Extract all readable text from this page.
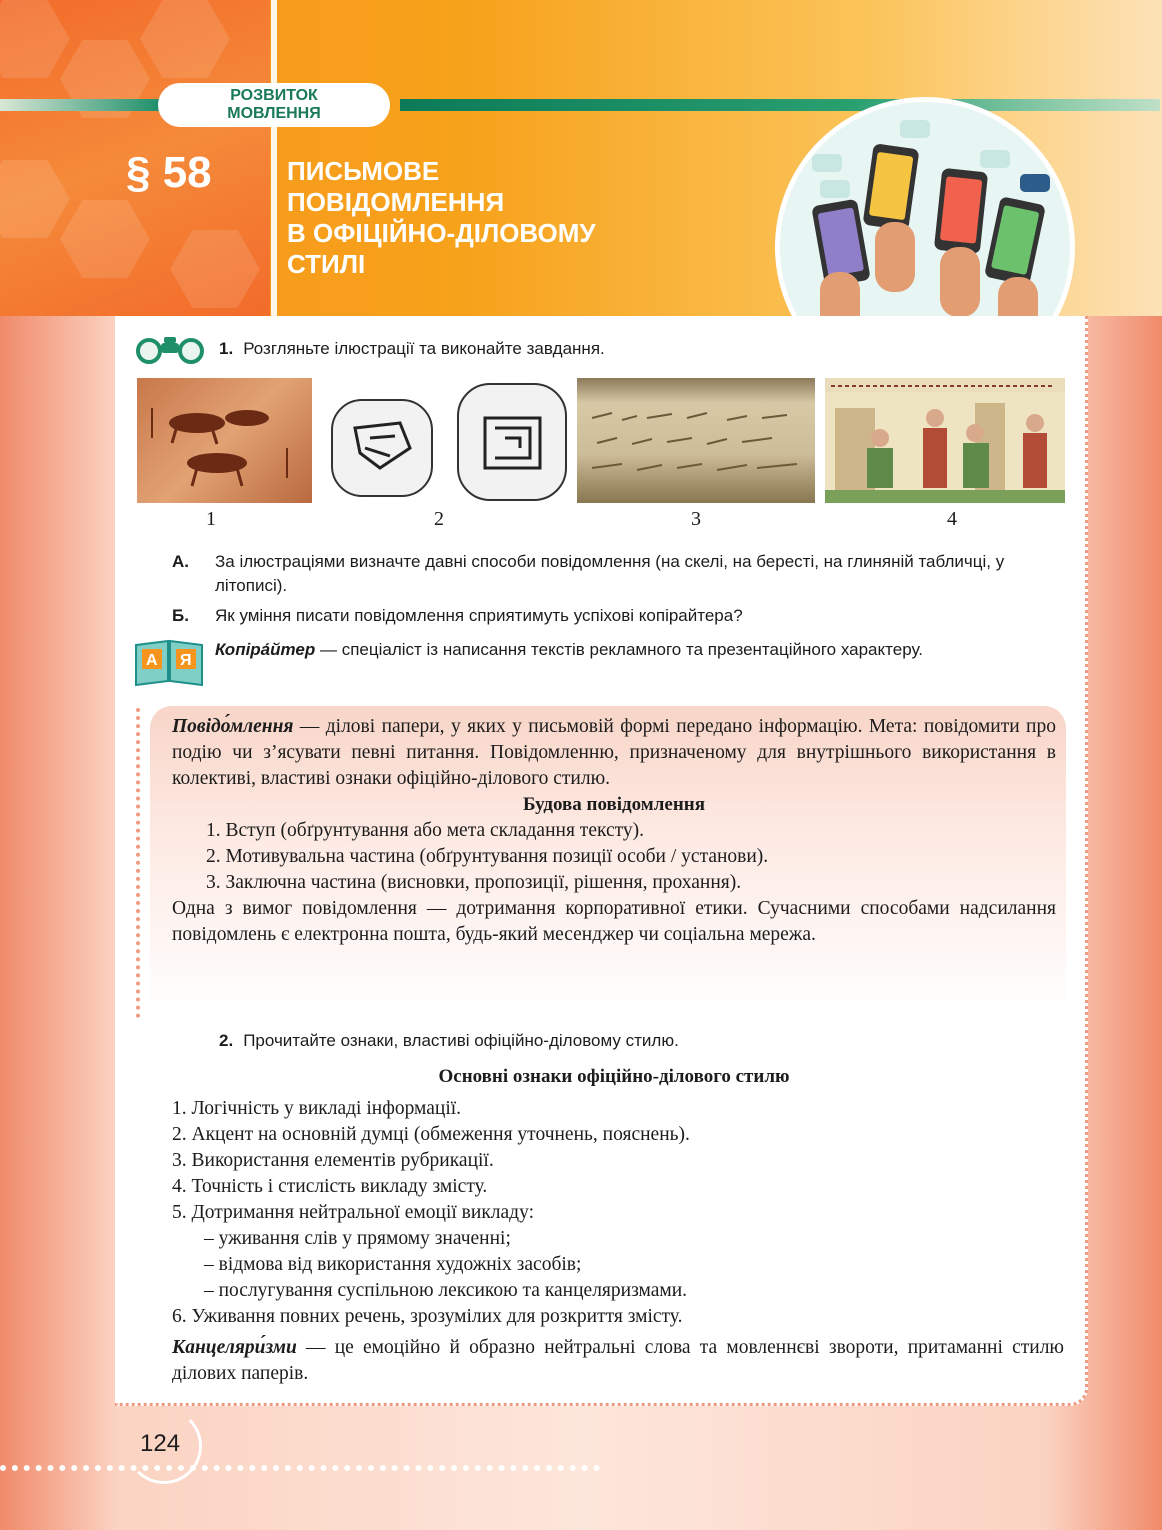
РОЗВИТОК
МОВЛЕННЯ
§ 58	ПИСЬМОВЕ
ПОВІДОМЛЕННЯ
В ОФІЦІЙНО-ДІЛОВОМУ
СТИЛІ
1. Розгляньте ілюстрації та виконайте завдання.
1	2	3	4
А. За ілюстраціями визначте давні способи повідомлення (на скелі, на бересті, на глиняній табличці, у літописі).
Б. Як уміння писати повідомлення сприятимуть успіхові копірайтера?
А Я
Копіра́йтер — спеціаліст із написання текстів рекламного та презентаційного характеру.
Повідо́млення — ділові папери, у яких у письмовій формі передано інформацію. Мета: повідомити про подію чи з’ясувати певні питання. Повідомленню, призначеному для внутрішнього використання в колективі, властиві ознаки офіційно-ділового стилю.
Будова повідомлення
1. Вступ (обґрунтування або мета складання тексту).
2. Мотивувальна частина (обґрунтування позиції особи / установи).
3. Заключна частина (висновки, пропозиції, рішення, прохання).
Одна з вимог повідомлення — дотримання корпоративної етики. Сучасними способами надсилання повідомлень є електронна пошта, будь-який месенджер чи соціальна мережа.
2. Прочитайте ознаки, властиві офіційно-діловому стилю.
Основні ознаки офіційно-ділового стилю
1. Логічність у викладі інформації.
2. Акцент на основній думці (обмеження уточнень, пояснень).
3. Використання елементів рубрикації.
4. Точність і стислість викладу змісту.
5. Дотримання нейтральної емоції викладу:
– уживання слів у прямому значенні;
– відмова від використання художніх засобів;
– послугування суспільною лексикою та канцеляризмами.
6. Уживання повних речень, зрозумілих для розкриття змісту.
Канцеляри́зми — це емоційно й образно нейтральні слова та мовленнєві звороти, притаманні стилю ділових паперів.
124
